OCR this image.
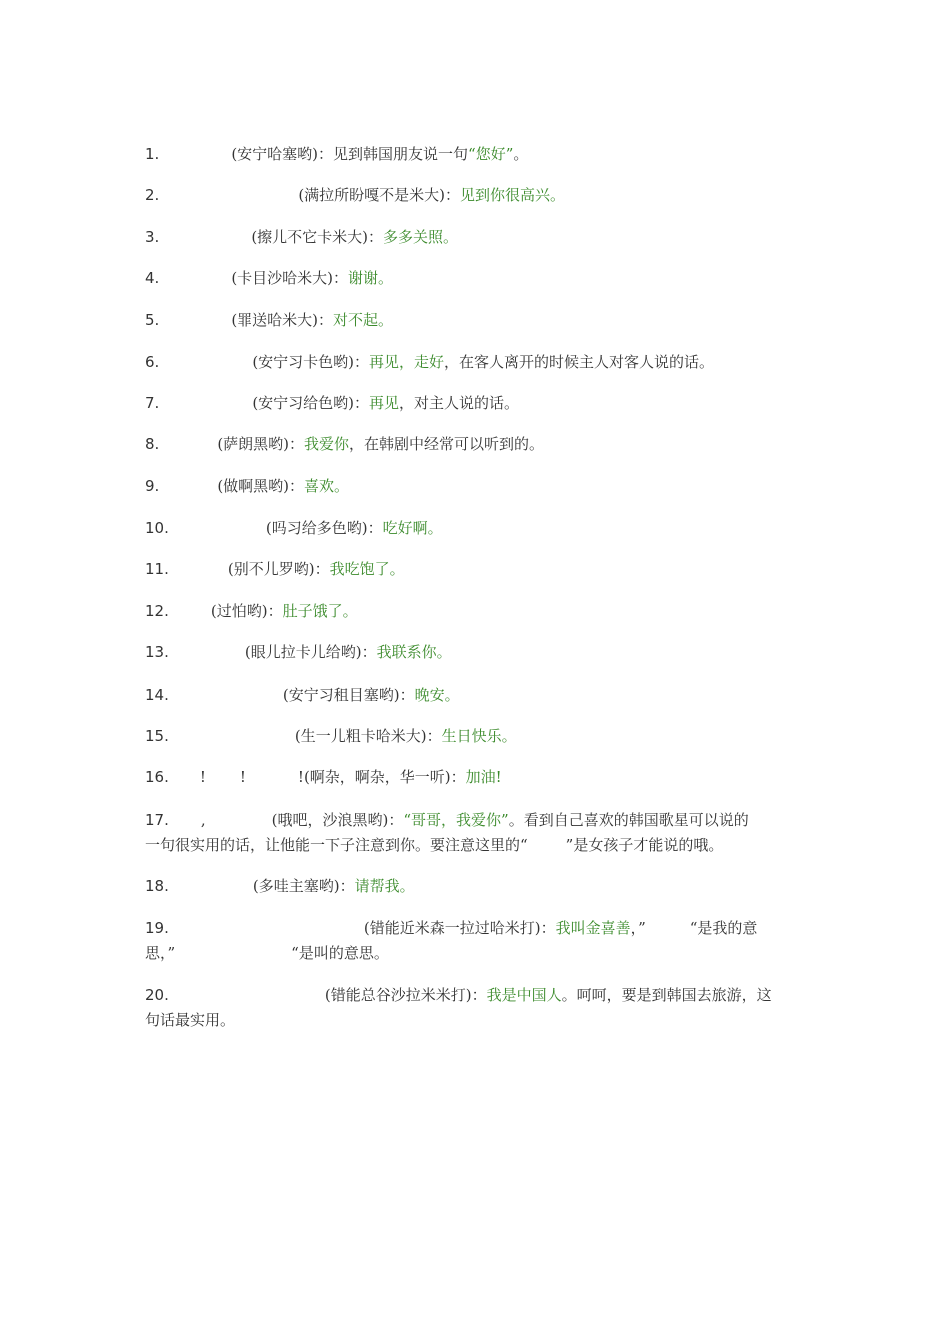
1.	(安宁哈塞哟)：见到韩国朋友说一句“您好”。
2.	(满拉所盼嘎不是米大)：见到你很高兴。
3.	(擦儿不它卡米大)：多多关照。
4.	(卡目沙哈米大)：谢谢。
5.	(罪送哈米大)：对不起。
6.	(安宁习卡色哟)：再见，走好，在客人离开的时候主人对客人说的话。
7.	(安宁习给色哟)：再见，对主人说的话。
8.	(萨朗黑哟)：我爱你，在韩剧中经常可以听到的。
9.	(做啊黑哟)：喜欢。
10.	(吗习给多色哟)：吃好啊。
11.	(别不儿罗哟)：我吃饱了。
12.	(过怕哟)：肚子饿了。
13.	(眼儿拉卡儿给哟)：我联系你。
14.	(安宁习租目塞哟)：晚安。
15.	(生一儿粗卡哈米大)：生日快乐。
16. ! !	!(啊杂，啊杂，华一听)：加油!
17. ,	(哦吧，沙浪黑哟)：“哥哥，我爱你”。看到自己喜欢的韩国歌星可以说的
一句很实用的话，让他能一下子注意到你。要注意这里的“	”是女孩子才能说的哦。
18.	(多哇主塞哟)：请帮我。
19.	(错能近米森一拉过哈米打)：我叫金喜善，”	“是我的意
思，”	“是叫的意思。
20.	(错能总谷沙拉米米打)：我是中国人。呵呵，要是到韩国去旅游，这
句话最实用。
